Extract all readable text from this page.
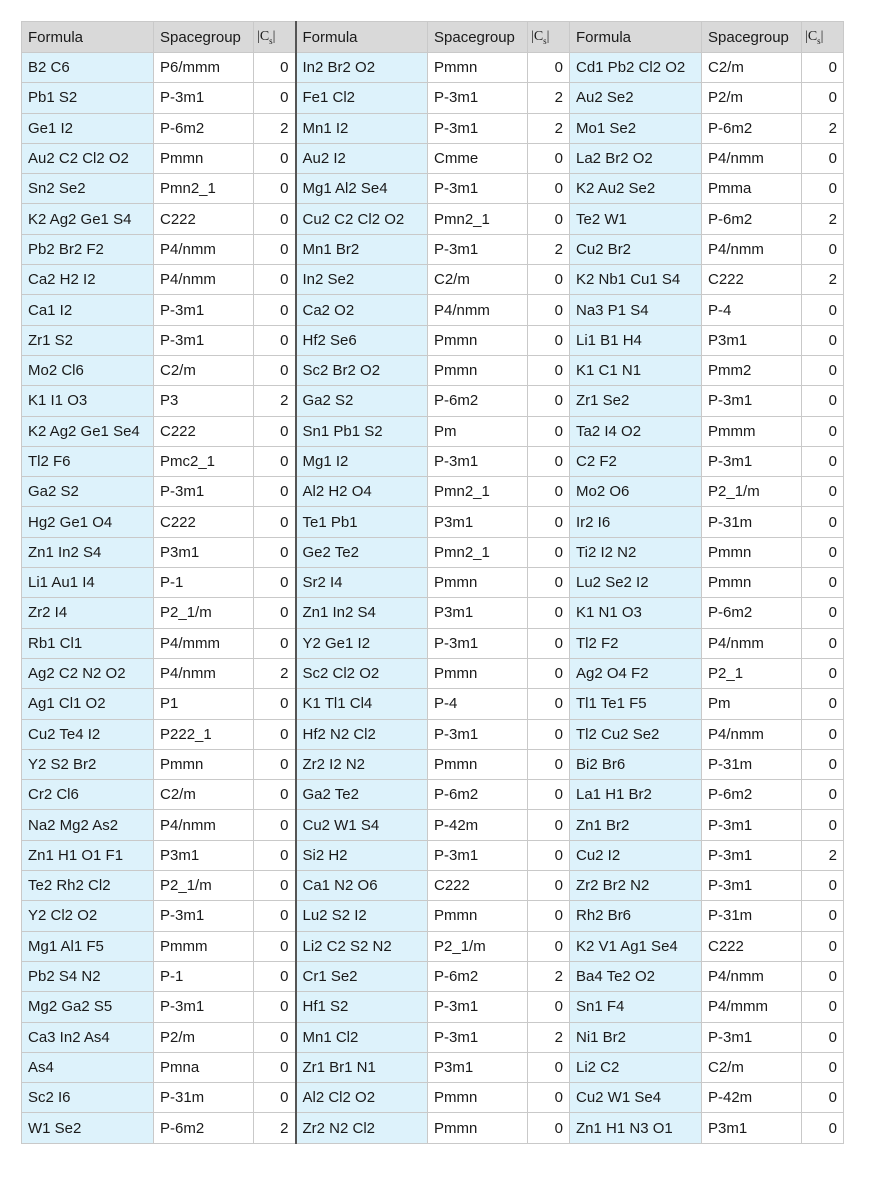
Formula	Spacegroup	$|C_s|$	Formula	Spacegroup	$|C_s|$	Formula	Spacegroup	$|C_s|$
B2 C6	P6/mmm	0	In2 Br2 O2	Pmmn	0	Cd1 Pb2 Cl2 O2	C2/m	0
Pb1 S2	P-3m1	0	Fe1 Cl2	P-3m1	2	Au2 Se2	P2/m	0
Ge1 I2	P-6m2	2	Mn1 I2	P-3m1	2	Mo1 Se2	P-6m2	2
Au2 C2 Cl2 O2	Pmmn	0	Au2 I2	Cmme	0	La2 Br2 O2	P4/nmm	0
Sn2 Se2	Pmn2_1	0	Mg1 Al2 Se4	P-3m1	0	K2 Au2 Se2	Pmma	0
K2 Ag2 Ge1 S4	C222	0	Cu2 C2 Cl2 O2	Pmn2_1	0	Te2 W1	P-6m2	2
Pb2 Br2 F2	P4/nmm	0	Mn1 Br2	P-3m1	2	Cu2 Br2	P4/nmm	0
Ca2 H2 I2	P4/nmm	0	In2 Se2	C2/m	0	K2 Nb1 Cu1 S4	C222	2
Ca1 I2	P-3m1	0	Ca2 O2	P4/nmm	0	Na3 P1 S4	P-4	0
Zr1 S2	P-3m1	0	Hf2 Se6	Pmmn	0	Li1 B1 H4	P3m1	0
Mo2 Cl6	C2/m	0	Sc2 Br2 O2	Pmmn	0	K1 C1 N1	Pmm2	0
K1 I1 O3	P3	2	Ga2 S2	P-6m2	0	Zr1 Se2	P-3m1	0
K2 Ag2 Ge1 Se4	C222	0	Sn1 Pb1 S2	Pm	0	Ta2 I4 O2	Pmmm	0
Tl2 F6	Pmc2_1	0	Mg1 I2	P-3m1	0	C2 F2	P-3m1	0
Ga2 S2	P-3m1	0	Al2 H2 O4	Pmn2_1	0	Mo2 O6	P2_1/m	0
Hg2 Ge1 O4	C222	0	Te1 Pb1	P3m1	0	Ir2 I6	P-31m	0
Zn1 In2 S4	P3m1	0	Ge2 Te2	Pmn2_1	0	Ti2 I2 N2	Pmmn	0
Li1 Au1 I4	P-1	0	Sr2 I4	Pmmn	0	Lu2 Se2 I2	Pmmn	0
Zr2 I4	P2_1/m	0	Zn1 In2 S4	P3m1	0	K1 N1 O3	P-6m2	0
Rb1 Cl1	P4/mmm	0	Y2 Ge1 I2	P-3m1	0	Tl2 F2	P4/nmm	0
Ag2 C2 N2 O2	P4/nmm	2	Sc2 Cl2 O2	Pmmn	0	Ag2 O4 F2	P2_1	0
Ag1 Cl1 O2	P1	0	K1 Tl1 Cl4	P-4	0	Tl1 Te1 F5	Pm	0
Cu2 Te4 I2	P222_1	0	Hf2 N2 Cl2	P-3m1	0	Tl2 Cu2 Se2	P4/nmm	0
Y2 S2 Br2	Pmmn	0	Zr2 I2 N2	Pmmn	0	Bi2 Br6	P-31m	0
Cr2 Cl6	C2/m	0	Ga2 Te2	P-6m2	0	La1 H1 Br2	P-6m2	0
Na2 Mg2 As2	P4/nmm	0	Cu2 W1 S4	P-42m	0	Zn1 Br2	P-3m1	0
Zn1 H1 O1 F1	P3m1	0	Si2 H2	P-3m1	0	Cu2 I2	P-3m1	2
Te2 Rh2 Cl2	P2_1/m	0	Ca1 N2 O6	C222	0	Zr2 Br2 N2	P-3m1	0
Y2 Cl2 O2	P-3m1	0	Lu2 S2 I2	Pmmn	0	Rh2 Br6	P-31m	0
Mg1 Al1 F5	Pmmm	0	Li2 C2 S2 N2	P2_1/m	0	K2 V1 Ag1 Se4	C222	0
Pb2 S4 N2	P-1	0	Cr1 Se2	P-6m2	2	Ba4 Te2 O2	P4/nmm	0
Mg2 Ga2 S5	P-3m1	0	Hf1 S2	P-3m1	0	Sn1 F4	P4/mmm	0
Ca3 In2 As4	P2/m	0	Mn1 Cl2	P-3m1	2	Ni1 Br2	P-3m1	0
As4	Pmna	0	Zr1 Br1 N1	P3m1	0	Li2 C2	C2/m	0
Sc2 I6	P-31m	0	Al2 Cl2 O2	Pmmn	0	Cu2 W1 Se4	P-42m	0
W1 Se2	P-6m2	2	Zr2 N2 Cl2	Pmmn	0	Zn1 H1 N3 O1	P3m1	0
